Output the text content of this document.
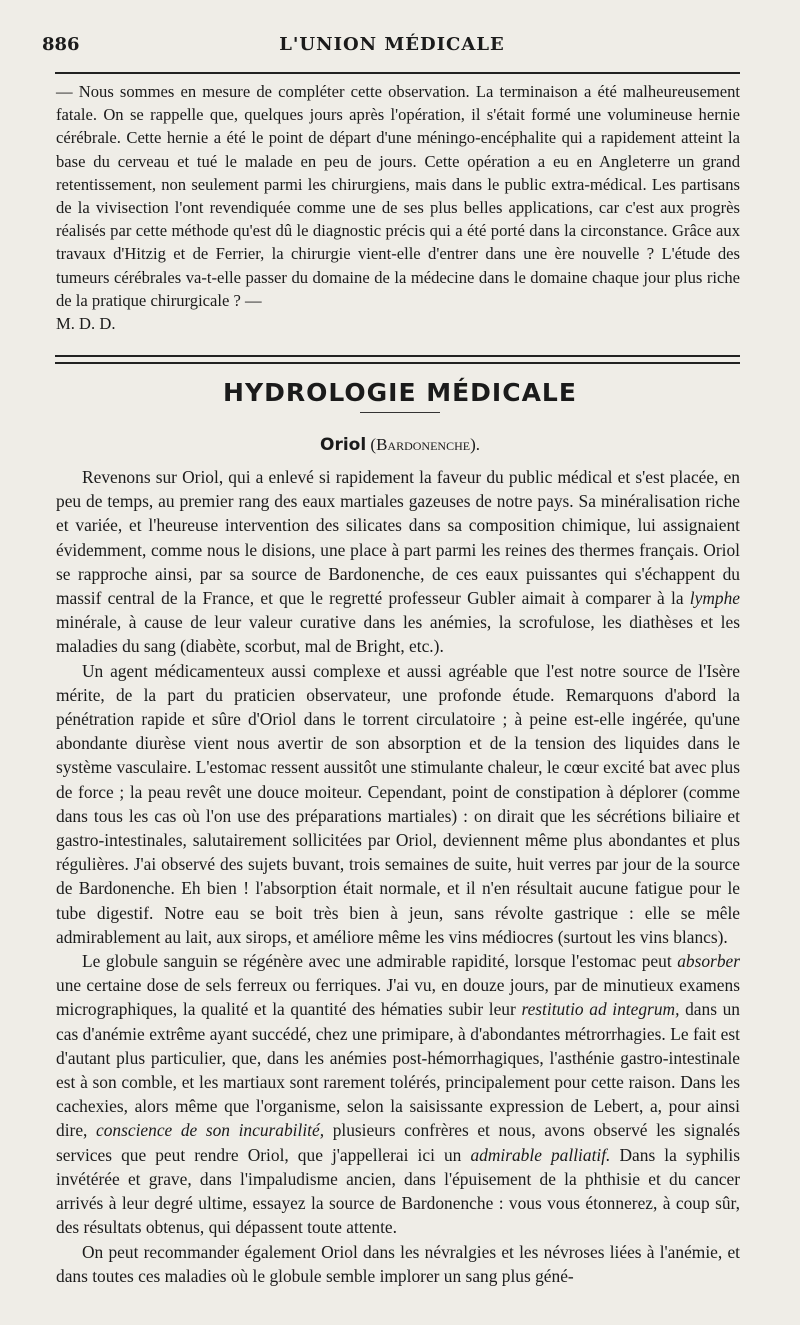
886	L'UNION MÉDICALE

— Nous sommes en mesure de compléter cette observation. La terminaison a été malheureusement fatale. On se rappelle que, quelques jours après l'opération, il s'était formé une volumineuse hernie cérébrale. Cette hernie a été le point de départ d'une méningo-encéphalite qui a rapidement atteint la base du cerveau et tué le malade en peu de jours. Cette opération a eu en Angleterre un grand retentissement, non seulement parmi les chirurgiens, mais dans le public extra-médical. Les partisans de la vivisection l'ont revendiquée comme une de ses plus belles applications, car c'est aux progrès réalisés par cette méthode qu'est dû le diagnostic précis qui a été porté dans la circonstance. Grâce aux travaux d'Hitzig et de Ferrier, la chirurgie vient-elle d'entrer dans une ère nouvelle ? L'étude des tumeurs cérébrales va-t-elle passer du domaine de la médecine dans le domaine chaque jour plus riche de la pratique chirurgicale ? —

M. D. D.

HYDROLOGIE MÉDICALE
Oriol (Bardonenche).

Revenons sur Oriol, qui a enlevé si rapidement la faveur du public médical et s'est placée, en peu de temps, au premier rang des eaux martiales gazeuses de notre pays. Sa minéralisation riche et variée, et l'heureuse intervention des silicates dans sa composition chimique, lui assignaient évidemment, comme nous le disions, une place à part parmi les reines des thermes français. Oriol se rapproche ainsi, par sa source de Bardonenche, de ces eaux puissantes qui s'échappent du massif central de la France, et que le regretté professeur Gubler aimait à comparer à la lymphe minérale, à cause de leur valeur curative dans les anémies, la scrofulose, les diathèses et les maladies du sang (diabète, scorbut, mal de Bright, etc.).

Un agent médicamenteux aussi complexe et aussi agréable que l'est notre source de l'Isère mérite, de la part du praticien observateur, une profonde étude. Remarquons d'abord la pénétration rapide et sûre d'Oriol dans le torrent circulatoire ; à peine est-elle ingérée, qu'une abondante diurèse vient nous avertir de son absorption et de la tension des liquides dans le système vasculaire. L'estomac ressent aussitôt une stimulante chaleur, le cœur excité bat avec plus de force ; la peau revêt une douce moiteur. Cependant, point de constipation à déplorer (comme dans tous les cas où l'on use des préparations martiales) : on dirait que les sécrétions biliaire et gastro-intestinales, salutairement sollicitées par Oriol, deviennent même plus abondantes et plus régulières. J'ai observé des sujets buvant, trois semaines de suite, huit verres par jour de la source de Bardonenche. Eh bien ! l'absorption était normale, et il n'en résultait aucune fatigue pour le tube digestif. Notre eau se boit très bien à jeun, sans révolte gastrique : elle se mêle admirablement au lait, aux sirops, et améliore même les vins médiocres (surtout les vins blancs).

Le globule sanguin se régénère avec une admirable rapidité, lorsque l'estomac peut absorber une certaine dose de sels ferreux ou ferriques. J'ai vu, en douze jours, par de minutieux examens micrographiques, la qualité et la quantité des hématies subir leur restitutio ad integrum, dans un cas d'anémie extrême ayant succédé, chez une primipare, à d'abondantes métrorrhagies. Le fait est d'autant plus particulier, que, dans les anémies post-hémorrhagiques, l'asthénie gastro-intestinale est à son comble, et les martiaux sont rarement tolérés, principalement pour cette raison. Dans les cachexies, alors même que l'organisme, selon la saisissante expression de Lebert, a, pour ainsi dire, conscience de son incurabilité, plusieurs confrères et nous, avons observé les signalés services que peut rendre Oriol, que j'appellerai ici un admirable palliatif. Dans la syphilis invétérée et grave, dans l'impaludisme ancien, dans l'épuisement de la phthisie et du cancer arrivés à leur degré ultime, essayez la source de Bardonenche : vous vous étonnerez, à coup sûr, des résultats obtenus, qui dépassent toute attente.

On peut recommander également Oriol dans les névralgies et les névroses liées à l'anémie, et dans toutes ces maladies où le globule semble implorer un sang plus géné-
